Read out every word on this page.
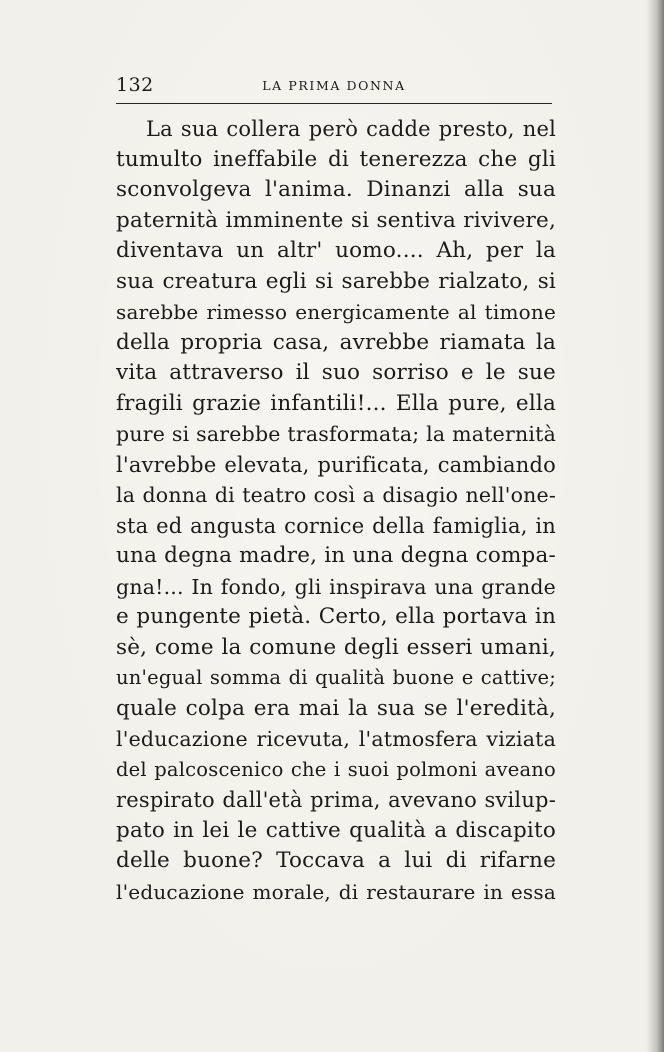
132	LA PRIMA DONNA
La sua collera però cadde presto, nel
tumulto ineffabile di tenerezza che gli
sconvolgeva l'anima. Dinanzi alla sua
paternità imminente si sentiva rivivere,
diventava un altr' uomo.... Ah, per la
sua creatura egli si sarebbe rialzato, si
sarebbe rimesso energicamente al timone
della propria casa, avrebbe riamata la
vita attraverso il suo sorriso e le sue
fragili grazie infantili!... Ella pure, ella
pure si sarebbe trasformata; la maternità
l'avrebbe elevata, purificata, cambiando
la donna di teatro così a disagio nell'one-
sta ed angusta cornice della famiglia, in
una degna madre, in una degna compa-
gna!... In fondo, gli inspirava una grande
e pungente pietà. Certo, ella portava in
sè, come la comune degli esseri umani,
un'egual somma di qualità buone e cattive;
quale colpa era mai la sua se l'eredità,
l'educazione ricevuta, l'atmosfera viziata
del palcoscenico che i suoi polmoni aveano
respirato dall'età prima, avevano svilup-
pato in lei le cattive qualità a discapito
delle buone? Toccava a lui di rifarne
l'educazione morale, di restaurare in essa
